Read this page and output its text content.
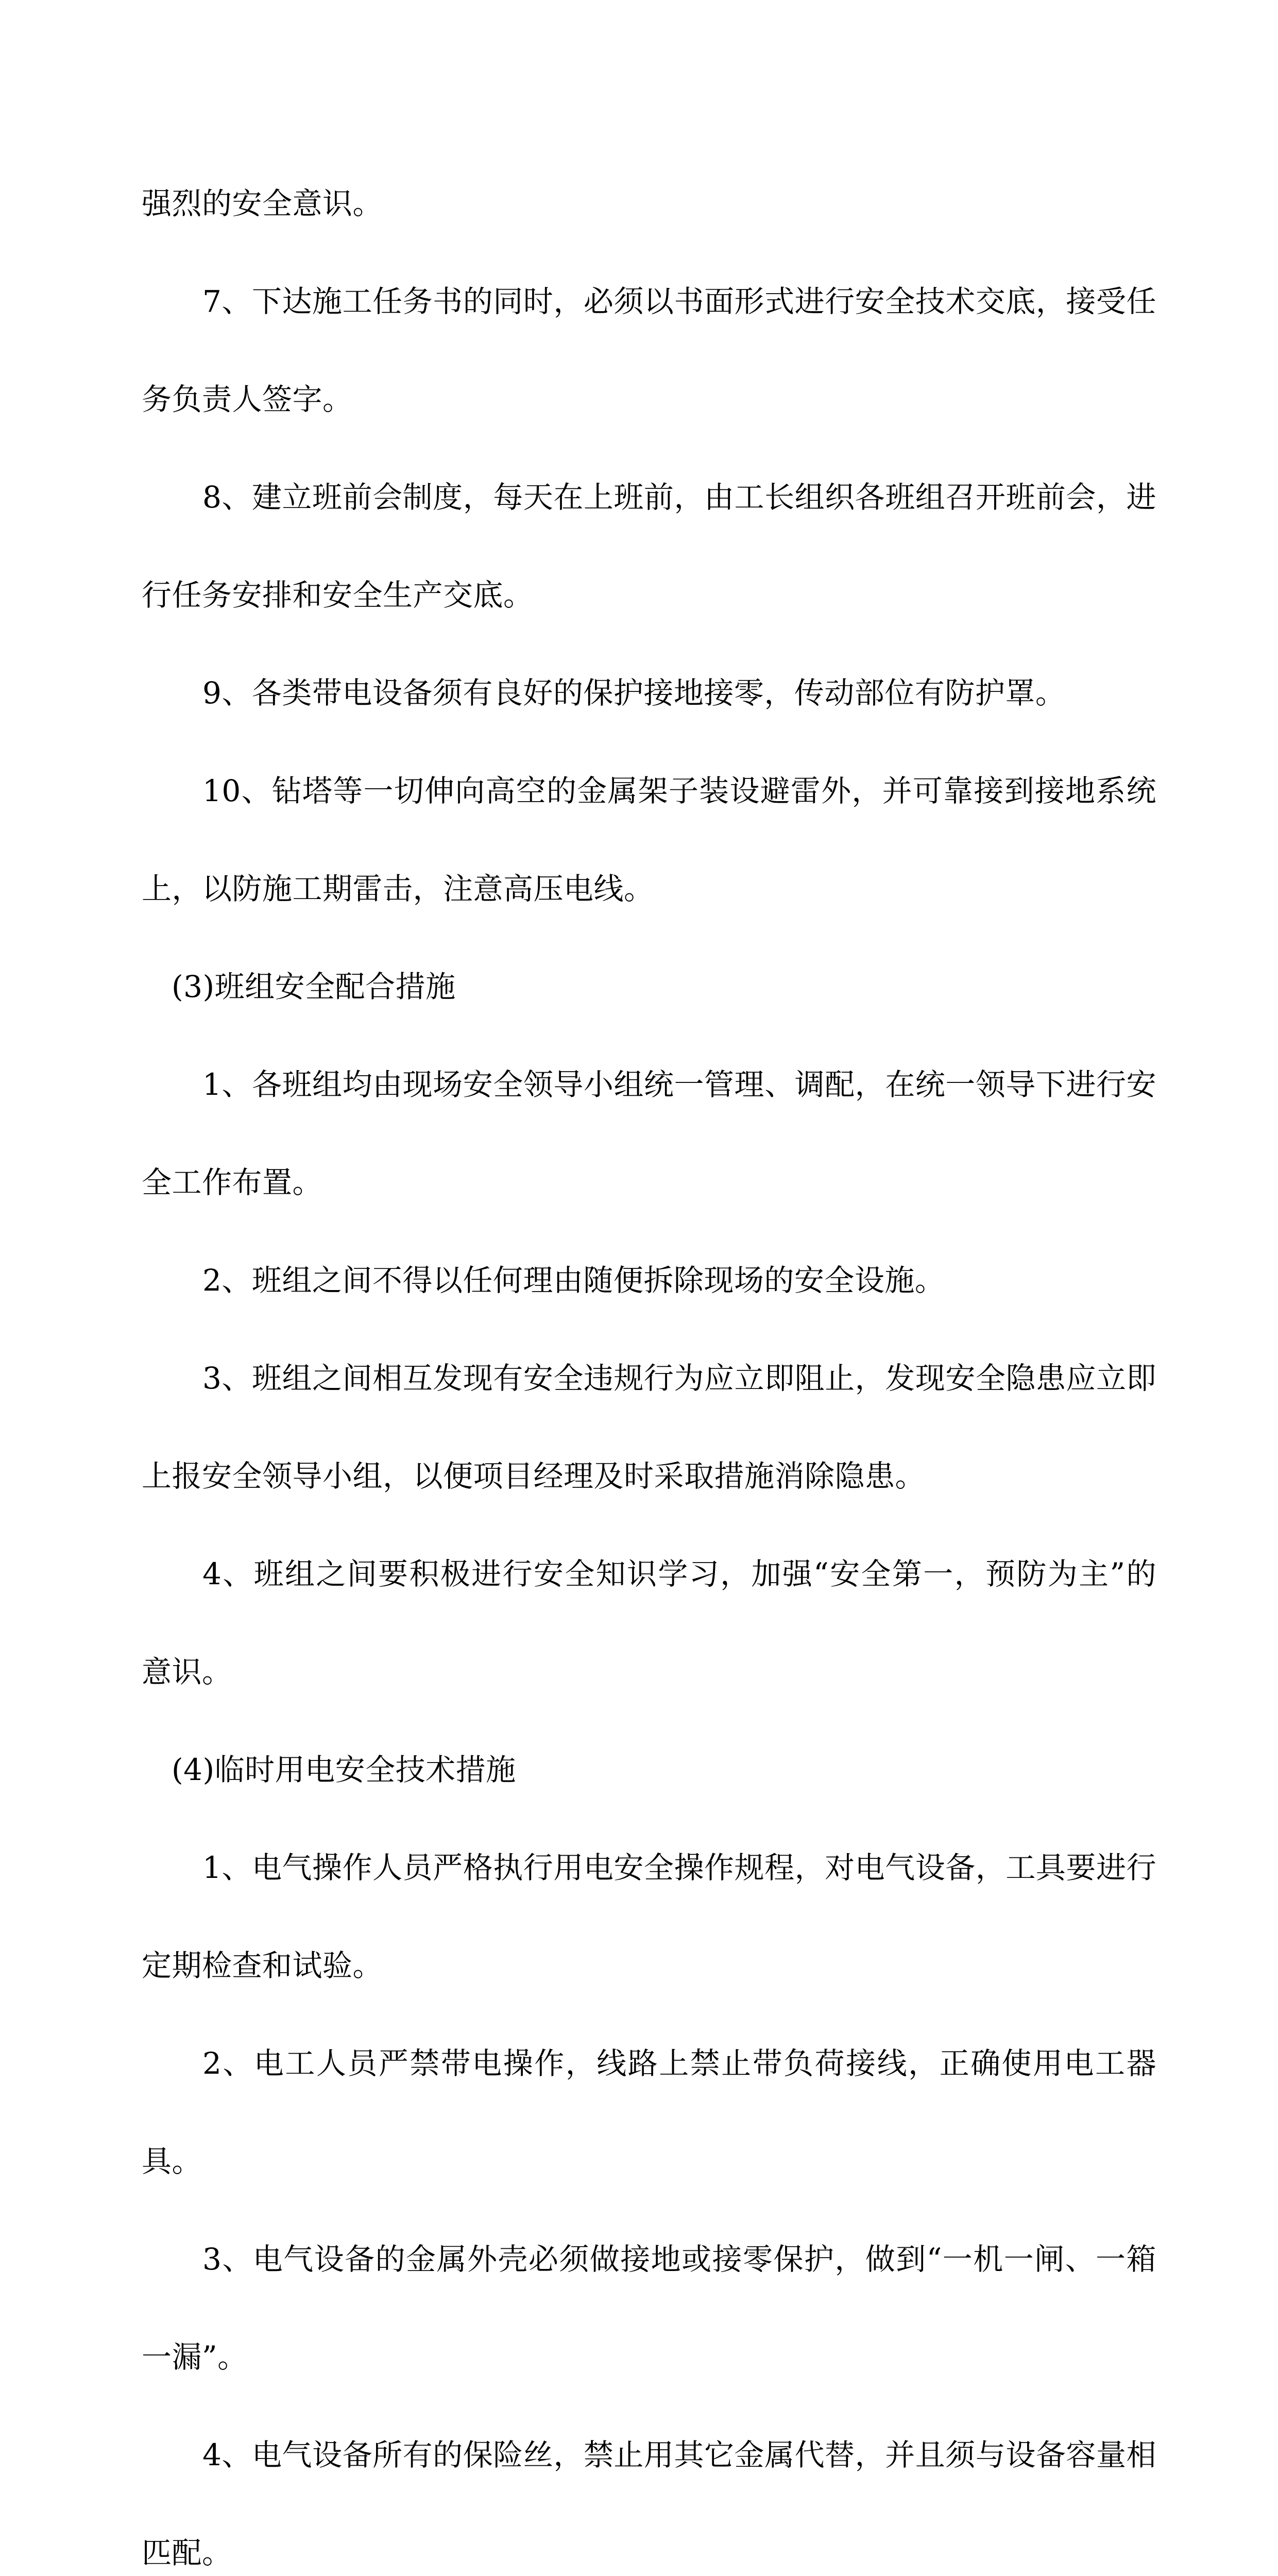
强烈的安全意识。

7、下达施工任务书的同时，必须以书面形式进行安全技术交底，接受任务负责人签字。

8、建立班前会制度，每天在上班前，由工长组织各班组召开班前会，进行任务安排和安全生产交底。

9、各类带电设备须有良好的保护接地接零，传动部位有防护罩。

10、钻塔等一切伸向高空的金属架子装设避雷外，并可靠接到接地系统上，以防施工期雷击，注意高压电线。

(3)班组安全配合措施

1、各班组均由现场安全领导小组统一管理、调配，在统一领导下进行安全工作布置。

2、班组之间不得以任何理由随便拆除现场的安全设施。

3、班组之间相互发现有安全违规行为应立即阻止，发现安全隐患应立即上报安全领导小组，以便项目经理及时采取措施消除隐患。

4、班组之间要积极进行安全知识学习，加强“安全第一，预防为主”的意识。

(4)临时用电安全技术措施

1、电气操作人员严格执行用电安全操作规程，对电气设备，工具要进行定期检查和试验。

2、电工人员严禁带电操作，线路上禁止带负荷接线，正确使用电工器具。

3、电气设备的金属外壳必须做接地或接零保护，做到“一机一闸、一箱一漏”。

4、电气设备所有的保险丝，禁止用其它金属代替，并且须与设备容量相匹配。
